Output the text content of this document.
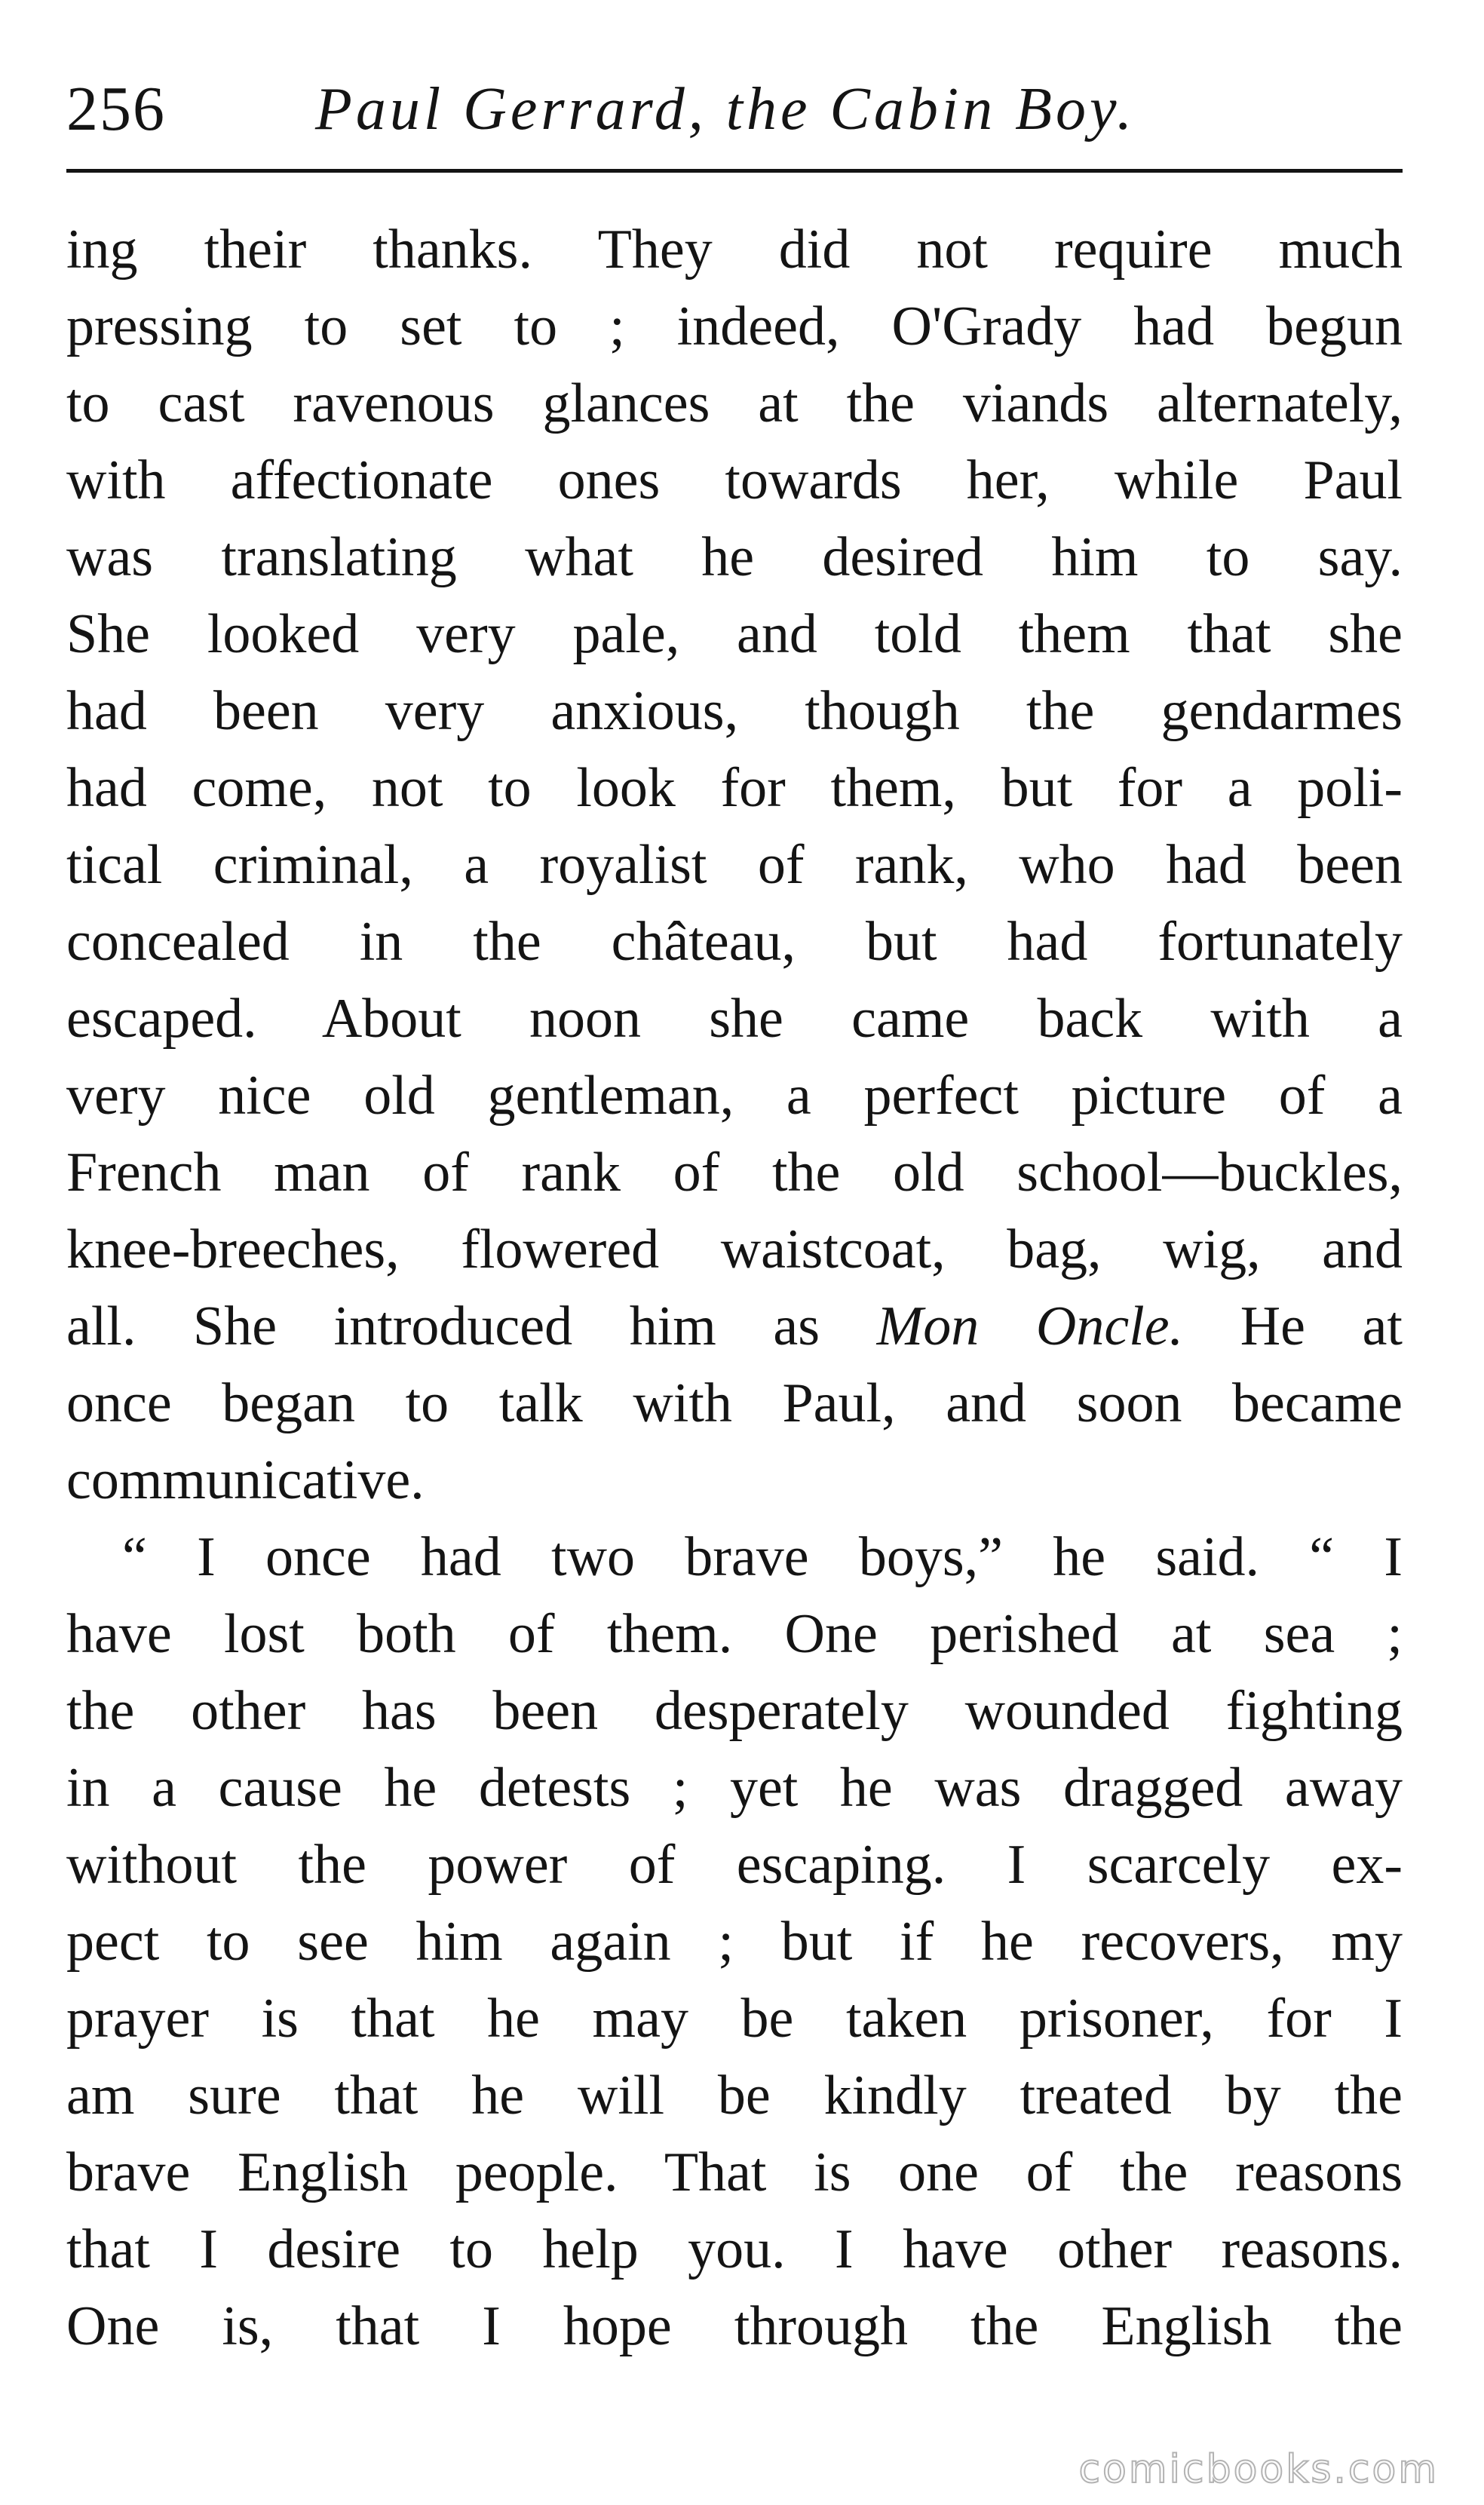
256 Paul Gerrard, the Cabin Boy.
ing their thanks. They did not require much
pressing to set to ; indeed, O'Grady had begun
to cast ravenous glances at the viands alternately,
with affectionate ones towards her, while Paul
was translating what he desired him to say.
She looked very pale, and told them that she
had been very anxious, though the gendarmes
had come, not to look for them, but for a poli-
tical criminal, a royalist of rank, who had been
concealed in the château, but had fortunately
escaped. About noon she came back with a
very nice old gentleman, a perfect picture of a
French man of rank of the old school—buckles,
knee-breeches, flowered waistcoat, bag, wig, and
all. She introduced him as Mon Oncle. He at
once began to talk with Paul, and soon became
communicative.
“ I once had two brave boys,” he said. “ I
have lost both of them. One perished at sea ;
the other has been desperately wounded fighting
in a cause he detests ; yet he was dragged away
without the power of escaping. I scarcely ex-
pect to see him again ; but if he recovers, my
prayer is that he may be taken prisoner, for I
am sure that he will be kindly treated by the
brave English people. That is one of the reasons
that I desire to help you. I have other reasons.
One is, that I hope through the English the
comicbooks.com
